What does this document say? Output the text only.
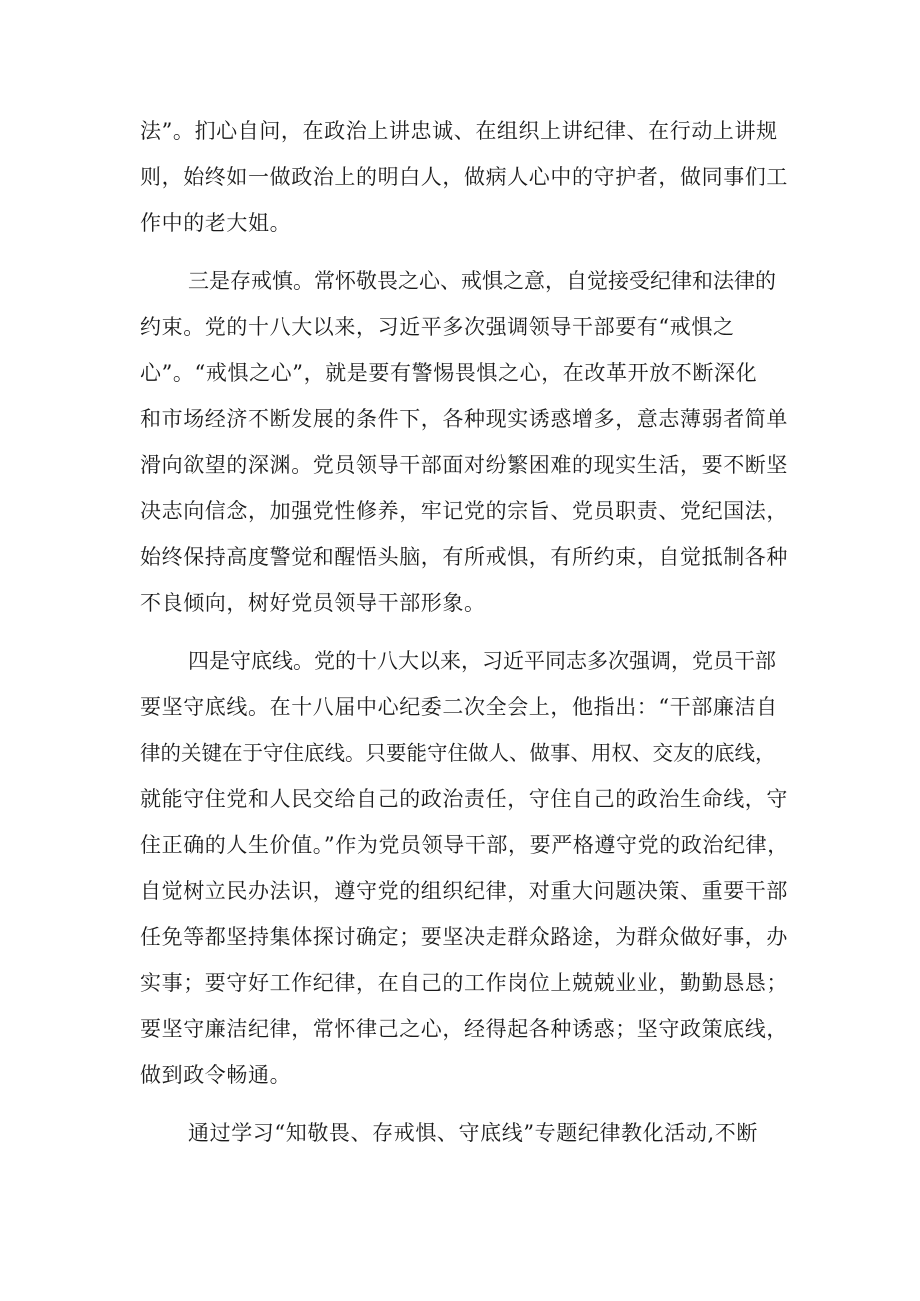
法”。扪心自问，在政治上讲忠诚、在组织上讲纪律、在行动上讲规
则，始终如一做政治上的明白人，做病人心中的守护者，做同事们工
作中的老大姐。
三是存戒慎。常怀敬畏之心、戒惧之意，自觉接受纪律和法律的
约束。党的十八大以来，习近平多次强调领导干部要有“戒惧之
心”。“戒惧之心”，就是要有警惕畏惧之心，在改革开放不断深化
和市场经济不断发展的条件下，各种现实诱惑增多，意志薄弱者简单
滑向欲望的深渊。党员领导干部面对纷繁困难的现实生活，要不断坚
决志向信念，加强党性修养，牢记党的宗旨、党员职责、党纪国法，
始终保持高度警觉和醒悟头脑，有所戒惧，有所约束，自觉抵制各种
不良倾向，树好党员领导干部形象。
四是守底线。党的十八大以来，习近平同志多次强调，党员干部
要坚守底线。在十八届中心纪委二次全会上，他指出：“干部廉洁自
律的关键在于守住底线。只要能守住做人、做事、用权、交友的底线，
就能守住党和人民交给自己的政治责任，守住自己的政治生命线，守
住正确的人生价值。”作为党员领导干部，要严格遵守党的政治纪律，
自觉树立民办法识，遵守党的组织纪律，对重大问题决策、重要干部
任免等都坚持集体探讨确定；要坚决走群众路途，为群众做好事，办
实事；要守好工作纪律，在自己的工作岗位上兢兢业业，勤勤恳恳；
要坚守廉洁纪律，常怀律己之心，经得起各种诱惑；坚守政策底线，
做到政令畅通。
通过学习“知敬畏、存戒惧、守底线”专题纪律教化活动,不断
